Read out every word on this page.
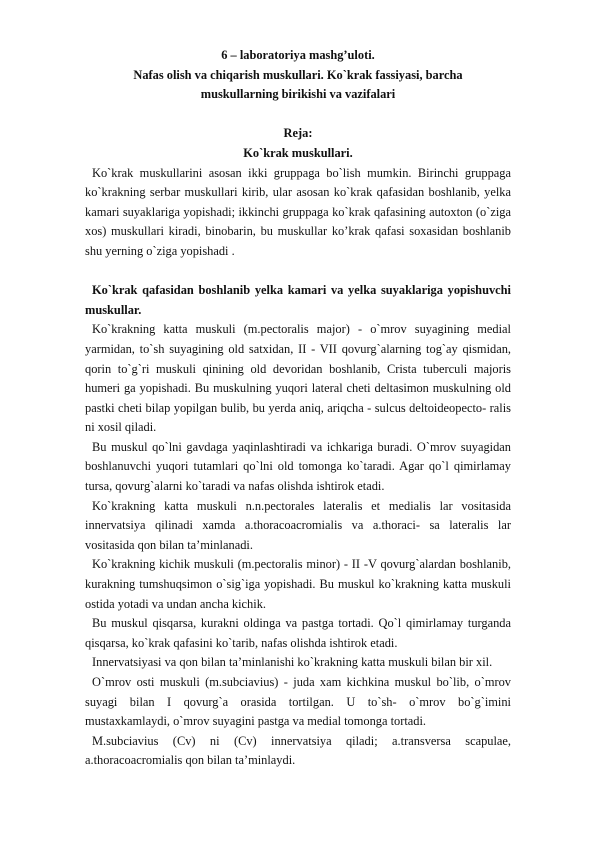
6 – laboratoriya mashg’uloti.

Nafas olish va chiqarish muskullari. Ko`krak fassiyasi, barcha

muskullarning birikishi va vazifalari

Reja:

Ko`krak muskullari.

Ko`krak muskullarini asosan ikki gruppaga bo`lish mumkin. Birinchi gruppaga ko`krakning serbar muskullari kirib, ular asosan ko`krak qafasidan boshlanib, yelka kamari suyaklariga yopishadi; ikkinchi gruppaga ko`krak qafasining autoxton (o`ziga xos) muskullari kiradi, binobarin, bu muskullar ko’krak qafasi soxasidan boshlanib shu yerning o`ziga yopishadi .

Ko`krak qafasidan boshlanib yelka kamari va yelka suyaklariga yopishuvchi muskullar.

Ko`krakning katta muskuli (m.pectoralis major) - o`mrov suyagining medial yarmidan, to`sh suyagining old satxidan, II - VII qovurg`alarning tog`ay qismidan, qorin to`g`ri muskuli qinining old devoridan boshlanib, Crista tuberculi majoris humeri ga yopishadi. Bu muskulning yuqori lateral cheti deltasimon muskulning old pastki cheti bilap yopilgan bulib, bu yerda aniq, ariqcha - sulcus deltoideopecto- ralis ni xosil qiladi.

Bu muskul qo`lni gavdaga yaqinlashtiradi va ichkariga buradi. O`mrov suyagidan boshlanuvchi yuqori tutamlari qo`lni old tomonga ko`taradi. Agar qo`l qimirlamay tursa, qovurg`alarni ko`taradi va nafas olishda ishtirok etadi.

Ko`krakning katta muskuli n.n.pectorales lateralis et medialis lar vositasida innervatsiya qilinadi xamda a.thoracoacromialis va a.thoraci- sa lateralis lar vositasida qon bilan ta’minlanadi.

Ko`krakning kichik muskuli (m.pectoralis minor) - II -V qovurg`alardan boshlanib, kurakning tumshuqsimon o`sig`iga yopishadi. Bu muskul ko`krakning katta muskuli ostida yotadi va undan ancha kichik.

Bu muskul qisqarsa, kurakni oldinga va pastga tortadi. Qo`l qimirlamay turganda qisqarsa, ko`krak qafasini ko`tarib, nafas olishda ishtirok etadi.

Innervatsiyasi va qon bilan ta’minlanishi ko`krakning katta muskuli bilan bir xil.

O`mrov osti muskuli (m.subciavius) - juda xam kichkina muskul bo`lib, o`mrov suyagi bilan I qovurg`a orasida tortilgan. U to`sh- o`mrov bo`g`imini mustaxkamlaydi, o`mrov suyagini pastga va medial tomonga tortadi.

M.subciavius (Cv) ni (Cv) innervatsiya qiladi; a.transversa scapulae, a.thoracoacromialis qon bilan ta’minlaydi.
